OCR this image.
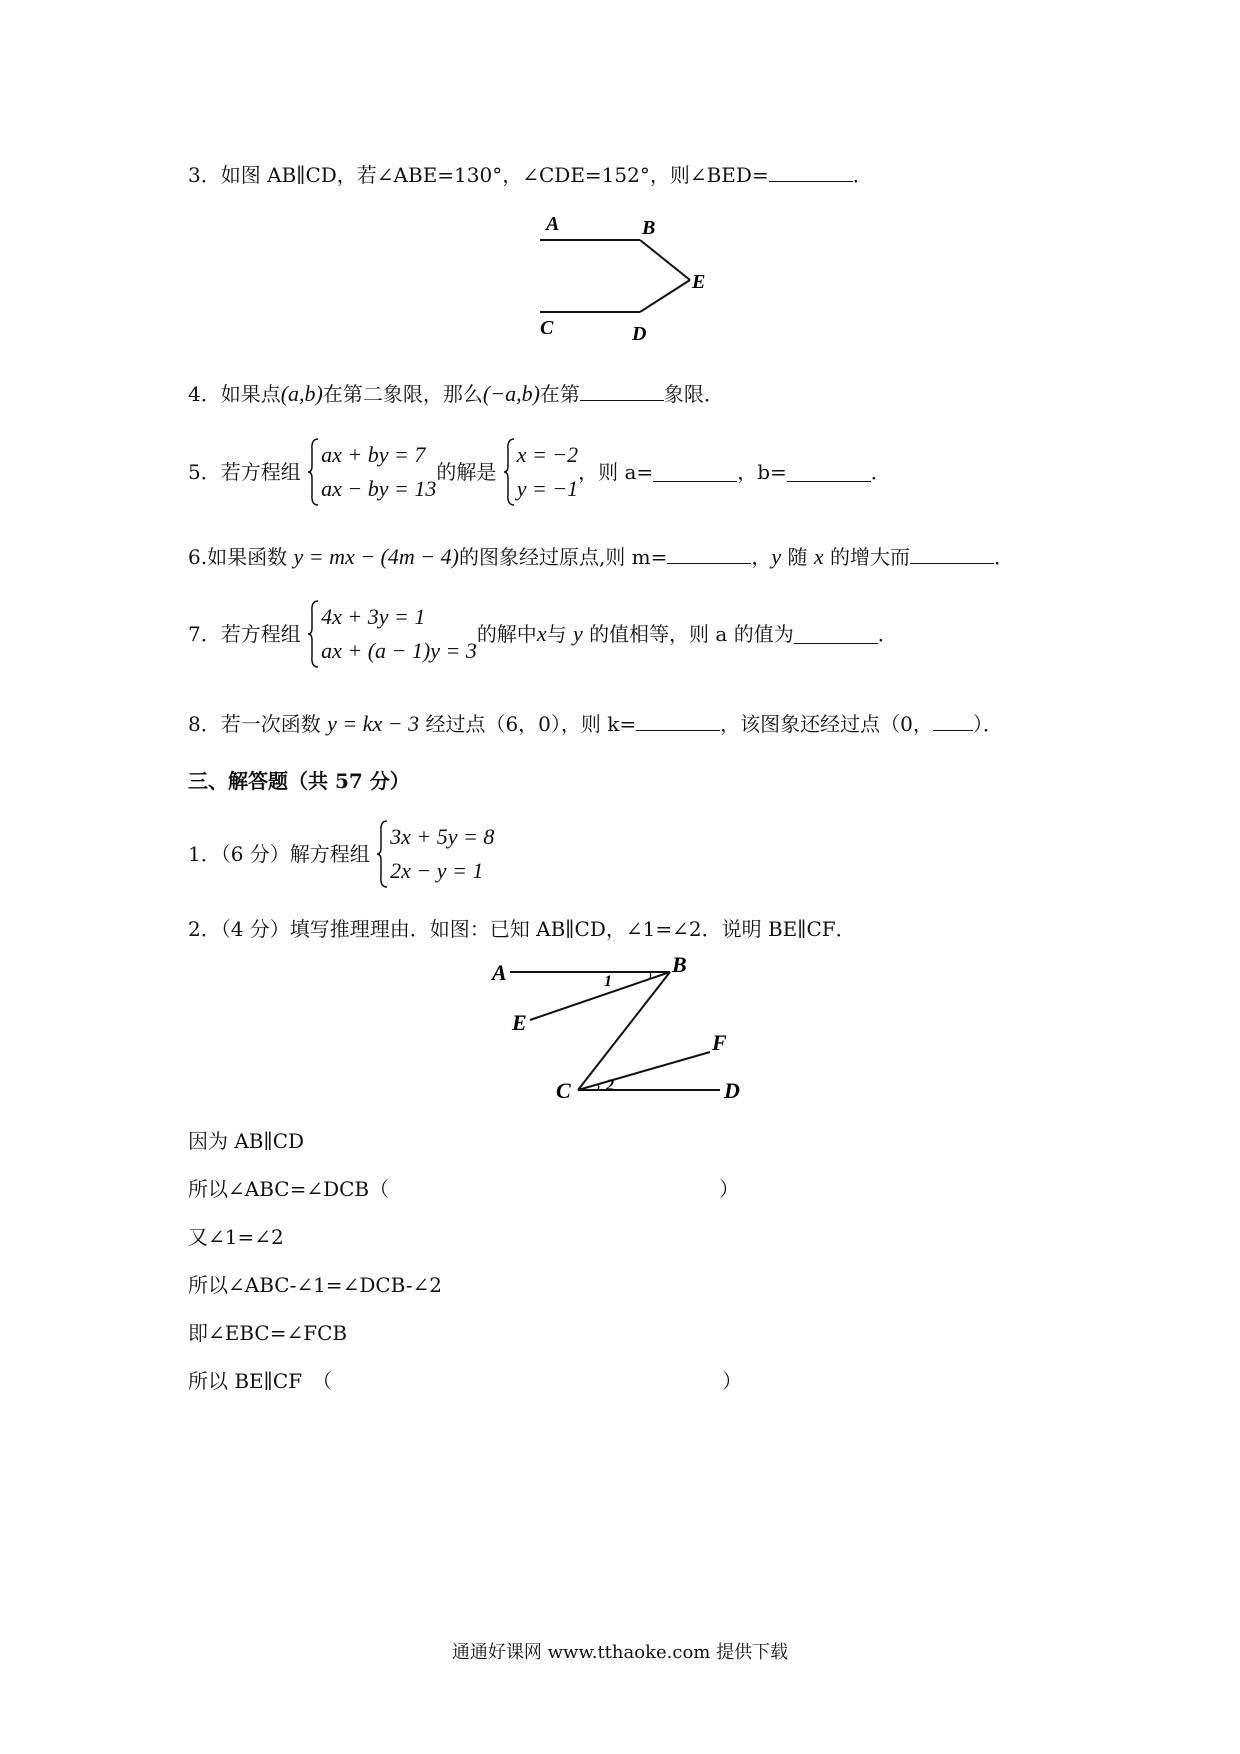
3．如图 AB∥CD，若∠ABE=130°，∠CDE=152°，则∠BED=	．
A	B
E
C	D
4．如果点(a,b)在第二象限，那么(−a,b)在第	象限．
5．若方程组
ax + by = 7
ax − by = 13
的解是
x = −2
y = −1
，则 a=	，b=	．
6.如果函数 y = mx − (4m − 4)的图象经过原点,则 m=	，y 随 x 的增大而	．
7．若方程组
4x + 3y = 1
ax + (a − 1)y = 3
的解中x与 y 的值相等，则 a 的值为	．
8．若一次函数 y = kx − 3 经过点（6，0），则 k=	，该图象还经过点（0， ）．
三、解答题（共 57 分）
1．（6 分）解方程组
3x + 5y = 8
2x − y = 1
2．（4 分）填写推理理由．如图：已知 AB∥CD，∠1=∠2．说明 BE∥CF．
A	B
E
F
C	D
1
2
因为 AB∥CD
所以∠ABC=∠DCB（	）
又∠1=∠2
所以∠ABC-∠1=∠DCB-∠2
即∠EBC=∠FCB
所以 BE∥CF　（	）
通通好课网 www.tthaoke.com 提供下载
